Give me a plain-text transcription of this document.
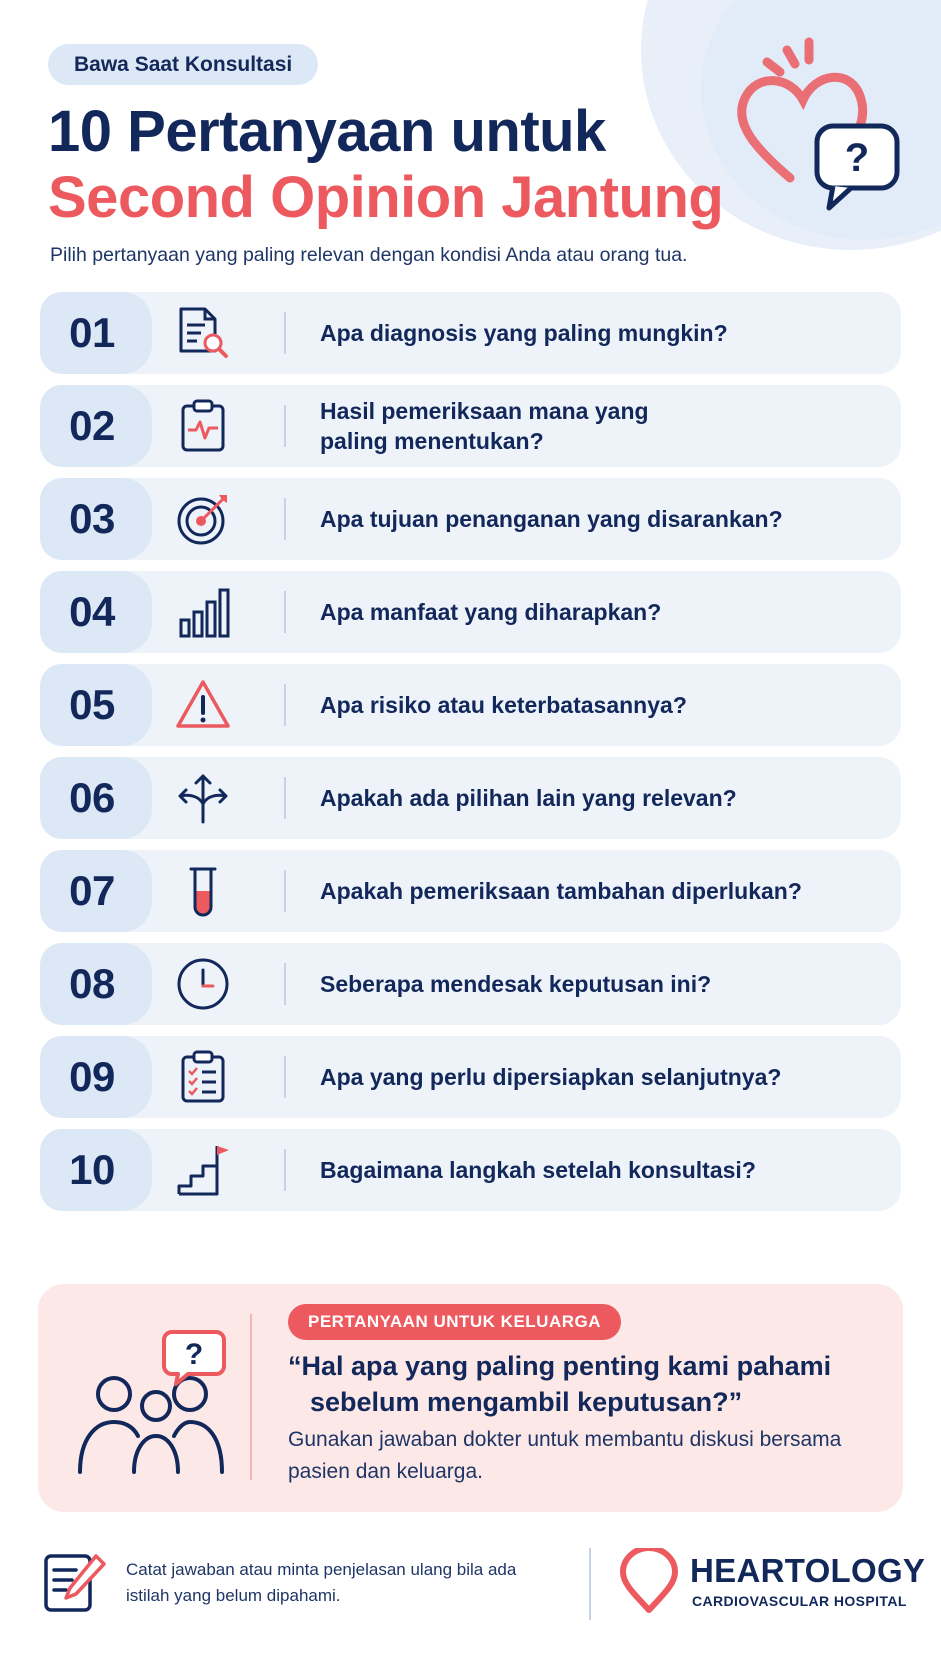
?
Bawa Saat Konsultasi
10 Pertanyaan untuk
Second Opinion Jantung
Pilih pertanyaan yang paling relevan dengan kondisi Anda atau orang tua.
01	Apa diagnosis yang paling mungkin?
02	Hasil pemeriksaan mana yang paling menentukan?
03	Apa tujuan penanganan yang disarankan?
04	Apa manfaat yang diharapkan?
05	Apa risiko atau keterbatasannya?
06	Apakah ada pilihan lain yang relevan?
07	Apakah pemeriksaan tambahan diperlukan?
08	Seberapa mendesak keputusan ini?
09	Apa yang perlu dipersiapkan selanjutnya?
10	Bagaimana langkah setelah konsultasi?
?
PERTANYAAN UNTUK KELUARGA
“Hal apa yang paling penting kami pahami
sebelum mengambil keputusan?”
Gunakan jawaban dokter untuk membantu diskusi bersama pasien dan keluarga.
Catat jawaban atau minta penjelasan ulang bila ada istilah yang belum dipahami.
HEARTOLOGY
CARDIOVASCULAR HOSPITAL
